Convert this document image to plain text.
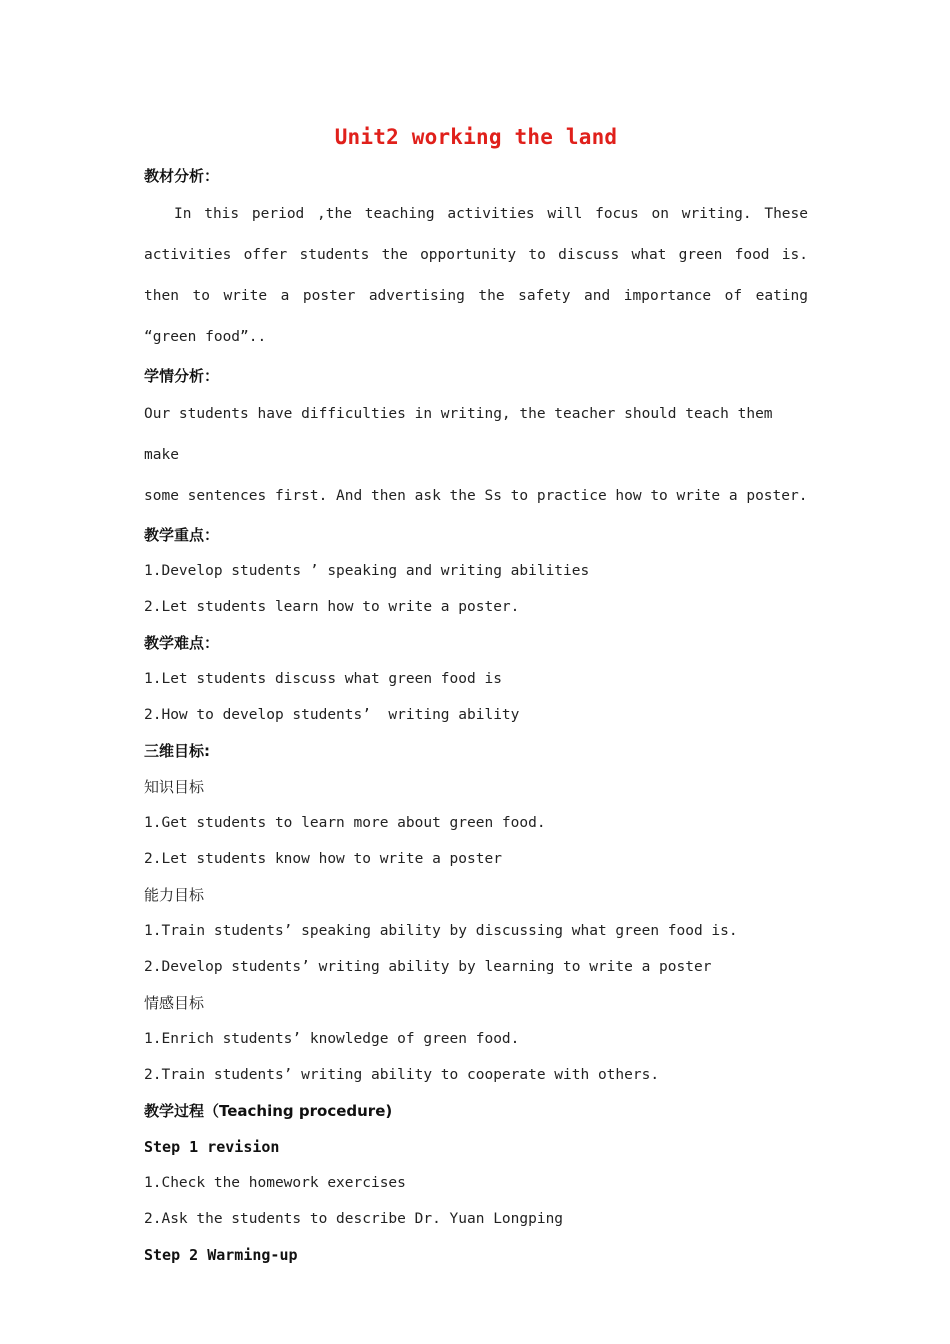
Unit2 working the land
教材分析：
In this period ,the teaching activities will focus on writing. These activities offer students the opportunity to discuss what green food is. then to write a poster advertising the safety and importance of eating “green food”..
学情分析：
Our students have difficulties in writing, the teacher should teach them make
some sentences first. And then ask the Ss to practice how to write a poster.
教学重点：
1.Develop students ’ speaking and writing abilities
2.Let students learn how to write a poster.
教学难点：
1.Let students discuss what green food is
2.How to develop students’  writing ability
三维目标:
知识目标
1.Get students to learn more about green food.
2.Let students know how to write a poster
能力目标
1.Train students’ speaking ability by discussing what green food is.
2.Develop students’ writing ability by learning to write a poster
情感目标
1.Enrich students’ knowledge of green food.
2.Train students’ writing ability to cooperate with others.
教学过程（Teaching procedure)
Step 1 revision
1.Check the homework exercises
2.Ask the students to describe Dr. Yuan Longping
Step 2 Warming-up
